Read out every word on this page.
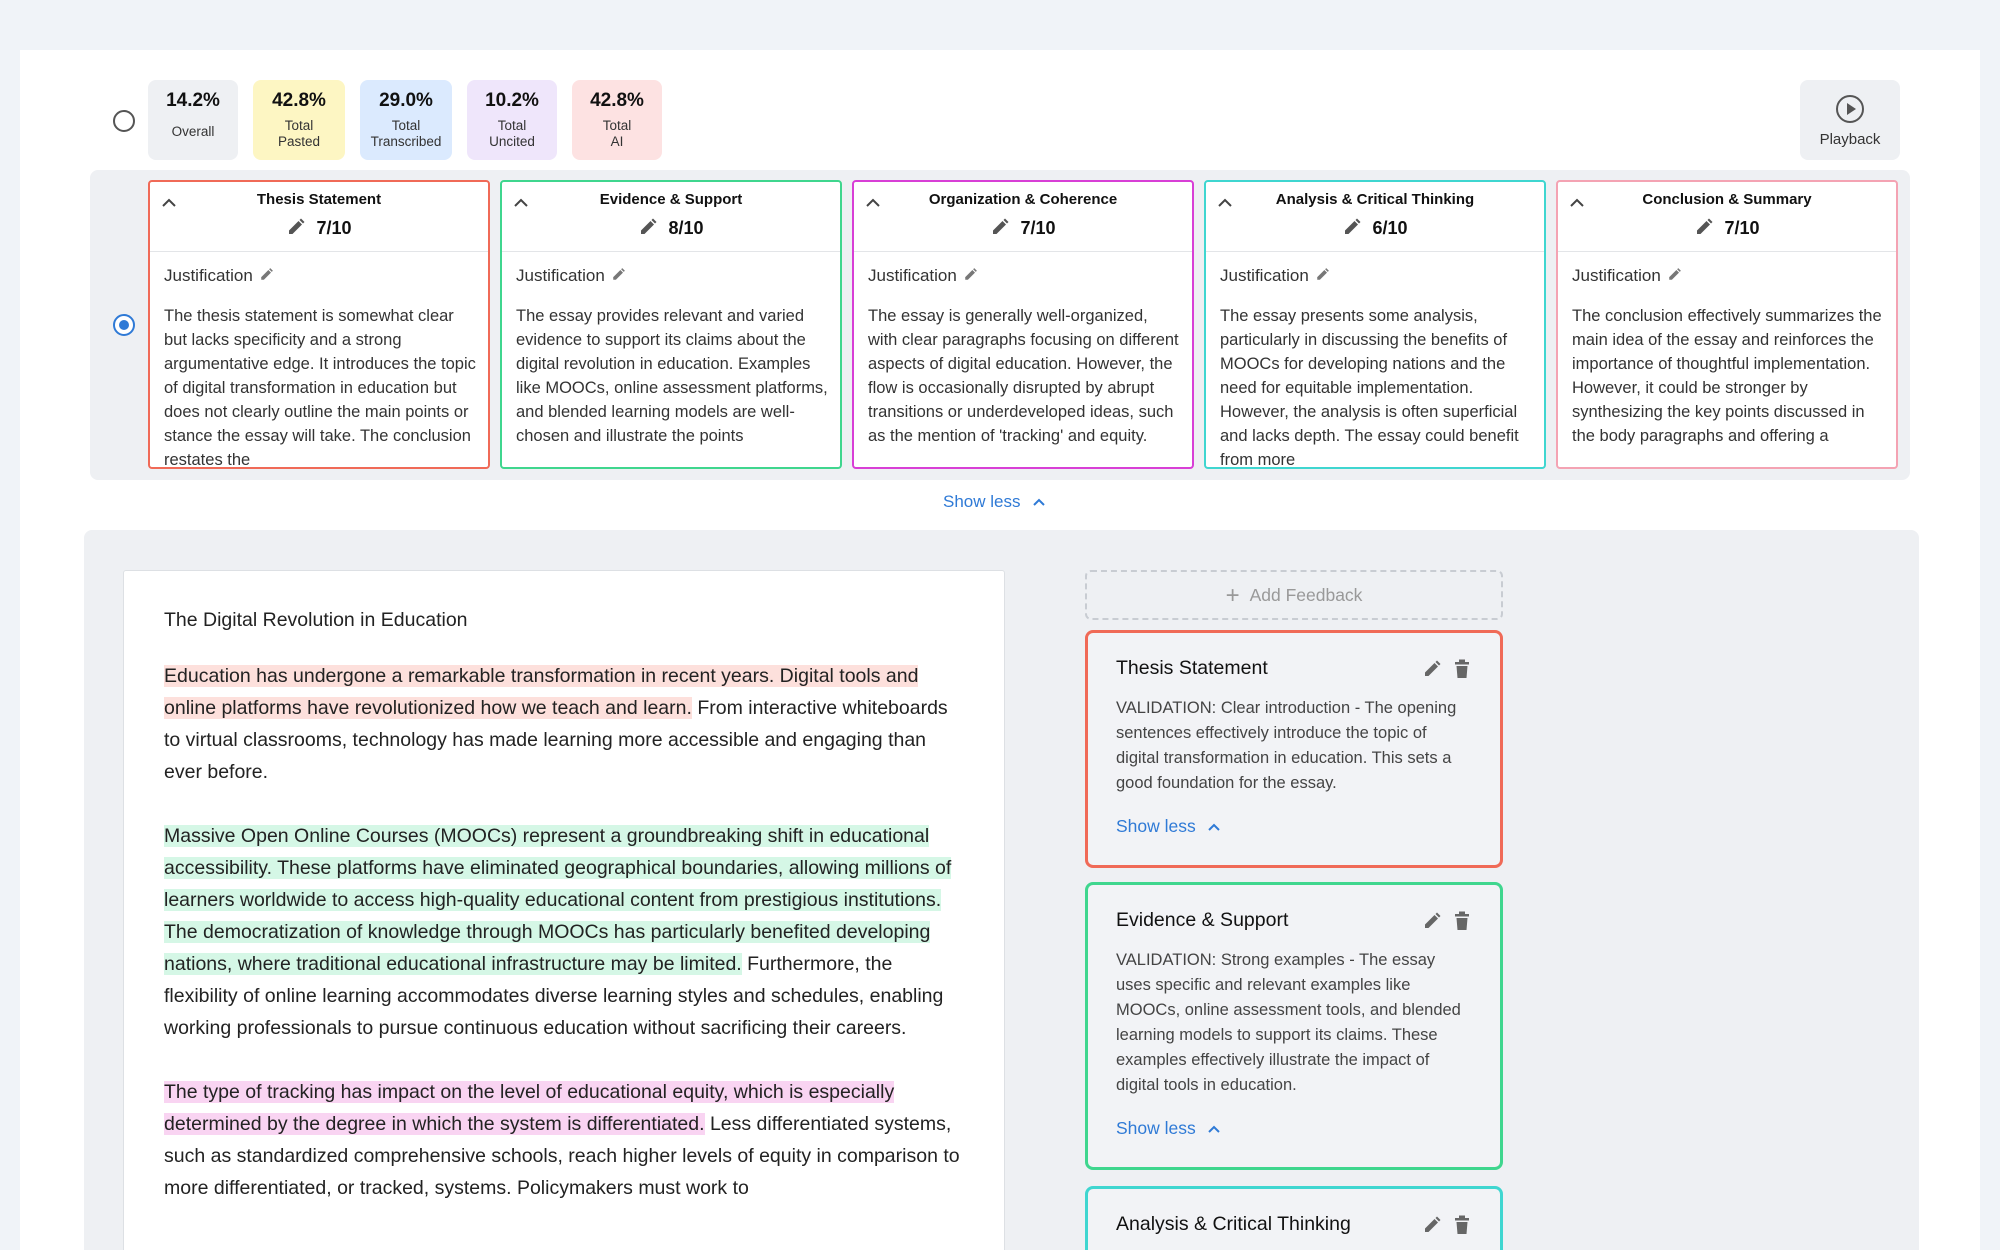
14.2%
Overall
42.8%
Total
Pasted
29.0%
Total
Transcribed
10.2%
Total
Uncited
42.8%
Total
AI	Playback
Thesis Statement
7/10
Justification
The thesis statement is somewhat clear but lacks specificity and a strong argumentative edge. It introduces the topic of digital transformation in education but does not clearly outline the main points or stance the essay will take. The conclusion restates the
Evidence & Support
8/10
Justification
The essay provides relevant and varied evidence to support its claims about the digital revolution in education. Examples like MOOCs, online assessment platforms, and blended learning models are well-chosen and illustrate the points
Organization & Coherence
7/10
Justification
The essay is generally well-organized, with clear paragraphs focusing on different aspects of digital education. However, the flow is occasionally disrupted by abrupt transitions or underdeveloped ideas, such as the mention of 'tracking' and equity.
Analysis & Critical Thinking
6/10
Justification
The essay presents some analysis, particularly in discussing the benefits of MOOCs for developing nations and the need for equitable implementation. However, the analysis is often superficial and lacks depth. The essay could benefit from more
Conclusion & Summary
7/10
Justification
The conclusion effectively summarizes the main idea of the essay and reinforces the importance of thoughtful implementation. However, it could be stronger by synthesizing the key points discussed in the body paragraphs and offering a
Show less
The Digital Revolution in Education

Education has undergone a remarkable transformation in recent years. Digital tools and online platforms have revolutionized how we teach and learn. From interactive whiteboards to virtual classrooms, technology has made learning more accessible and engaging than ever before.

Massive Open Online Courses (MOOCs) represent a groundbreaking shift in educational accessibility. These platforms have eliminated geographical boundaries, allowing millions of learners worldwide to access high-quality educational content from prestigious institutions. The democratization of knowledge through MOOCs has particularly benefited developing nations, where traditional educational infrastructure may be limited. Furthermore, the flexibility of online learning accommodates diverse learning styles and schedules, enabling working professionals to pursue continuous education without sacrificing their careers.

The type of tracking has impact on the level of educational equity, which is especially determined by the degree in which the system is differentiated. Less differentiated systems, such as standardized comprehensive schools, reach higher levels of equity in comparison to more differentiated, or tracked, systems. Policymakers must work to

+ Add Feedback
Thesis Statement
VALIDATION: Clear introduction - The opening sentences effectively introduce the topic of digital transformation in education. This sets a good foundation for the essay.
Show less
Evidence & Support
VALIDATION: Strong examples - The essay uses specific and relevant examples like MOOCs, online assessment tools, and blended learning models to support its claims. These examples effectively illustrate the impact of digital tools in education.
Show less
Analysis & Critical Thinking
